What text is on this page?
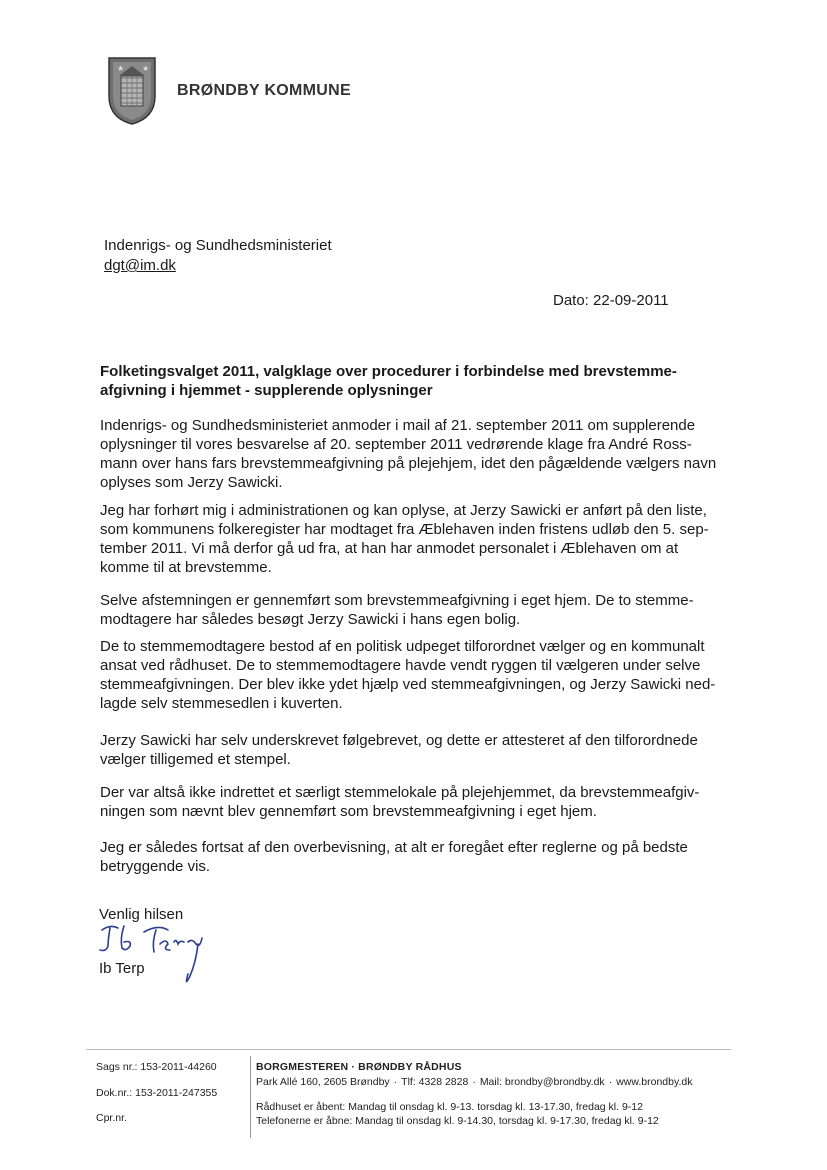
★ ★
BRØNDBY KOMMUNE
Indenrigs- og Sundhedsministeriet
dgt@im.dk
Dato: 22-09-2011
Folketingsvalget 2011, valgklage over procedurer i forbindelse med brevstemme-
afgivning i hjemmet - supplerende oplysninger
Indenrigs- og Sundhedsministeriet anmoder i mail af 21. september 2011 om supplerende
oplysninger til vores besvarelse af 20. september 2011 vedrørende klage fra André Ross-
mann over hans fars brevstemmeafgivning på plejehjem, idet den pågældende vælgers navn
oplyses som Jerzy Sawicki.
Jeg har forhørt mig i administrationen og kan oplyse, at Jerzy Sawicki er anført på den liste,
som kommunens folkeregister har modtaget fra Æblehaven inden fristens udløb den 5. sep-
tember 2011. Vi må derfor gå ud fra, at han har anmodet personalet i Æblehaven om at
komme til at brevstemme.
Selve afstemningen er gennemført som brevstemmeafgivning i eget hjem. De to stemme-
modtagere har således besøgt Jerzy Sawicki i hans egen bolig.
De to stemmemodtagere bestod af en politisk udpeget tilforordnet vælger og en kommunalt
ansat ved rådhuset. De to stemmemodtagere havde vendt ryggen til vælgeren under selve
stemmeafgivningen. Der blev ikke ydet hjælp ved stemmeafgivningen, og Jerzy Sawicki ned-
lagde selv stemmesedlen i kuverten.
Jerzy Sawicki har selv underskrevet følgebrevet, og dette er attesteret af den tilforordnede
vælger tilligemed et stempel.
Der var altså ikke indrettet et særligt stemmelokale på plejehjemmet, da brevstemmeafgiv-
ningen som nævnt blev gennemført som brevstemmeafgivning i eget hjem.
Jeg er således fortsat af den overbevisning, at alt er foregået efter reglerne og på bedste
betryggende vis.
Venlig hilsen
Ib Terp
Sags nr.: 153-2011-44260
Dok.nr.: 153-2011-247355
Cpr.nr.
BORGMESTEREN · BRØNDBY RÅDHUS
Park Allé 160, 2605 Brøndby · Tlf: 4328 2828 · Mail: brondby@brondby.dk · www.brondby.dk
Rådhuset er åbent: Mandag til onsdag kl. 9-13. torsdag kl. 13-17.30, fredag kl. 9-12
Telefonerne er åbne: Mandag til onsdag kl. 9-14.30, torsdag kl. 9-17.30, fredag kl. 9-12
